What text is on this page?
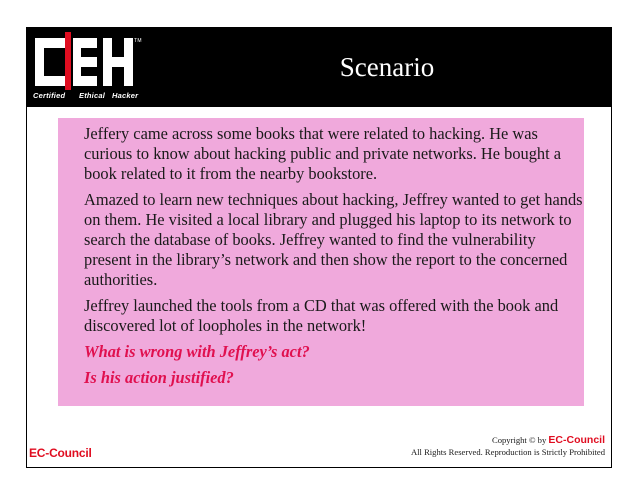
TM
Certified Ethical Hacker
Scenario

Jeffery came across some books that were related to hacking. He was curious to know about hacking public and private networks. He bought a book related to it from the nearby bookstore.

Amazed to learn new techniques about hacking, Jeffrey wanted to get hands on them. He visited a local library and plugged his laptop to its network to search the database of books. Jeffrey wanted to find the vulnerability present in the library’s network and then show the report to the concerned authorities.

Jeffrey launched the tools from a CD that was offered with the book and discovered lot of loopholes in the network!

What is wrong with Jeffrey’s act?

Is his action justified?

EC-Council
Copyright © by EC-Council
All Rights Reserved. Reproduction is Strictly Prohibited
